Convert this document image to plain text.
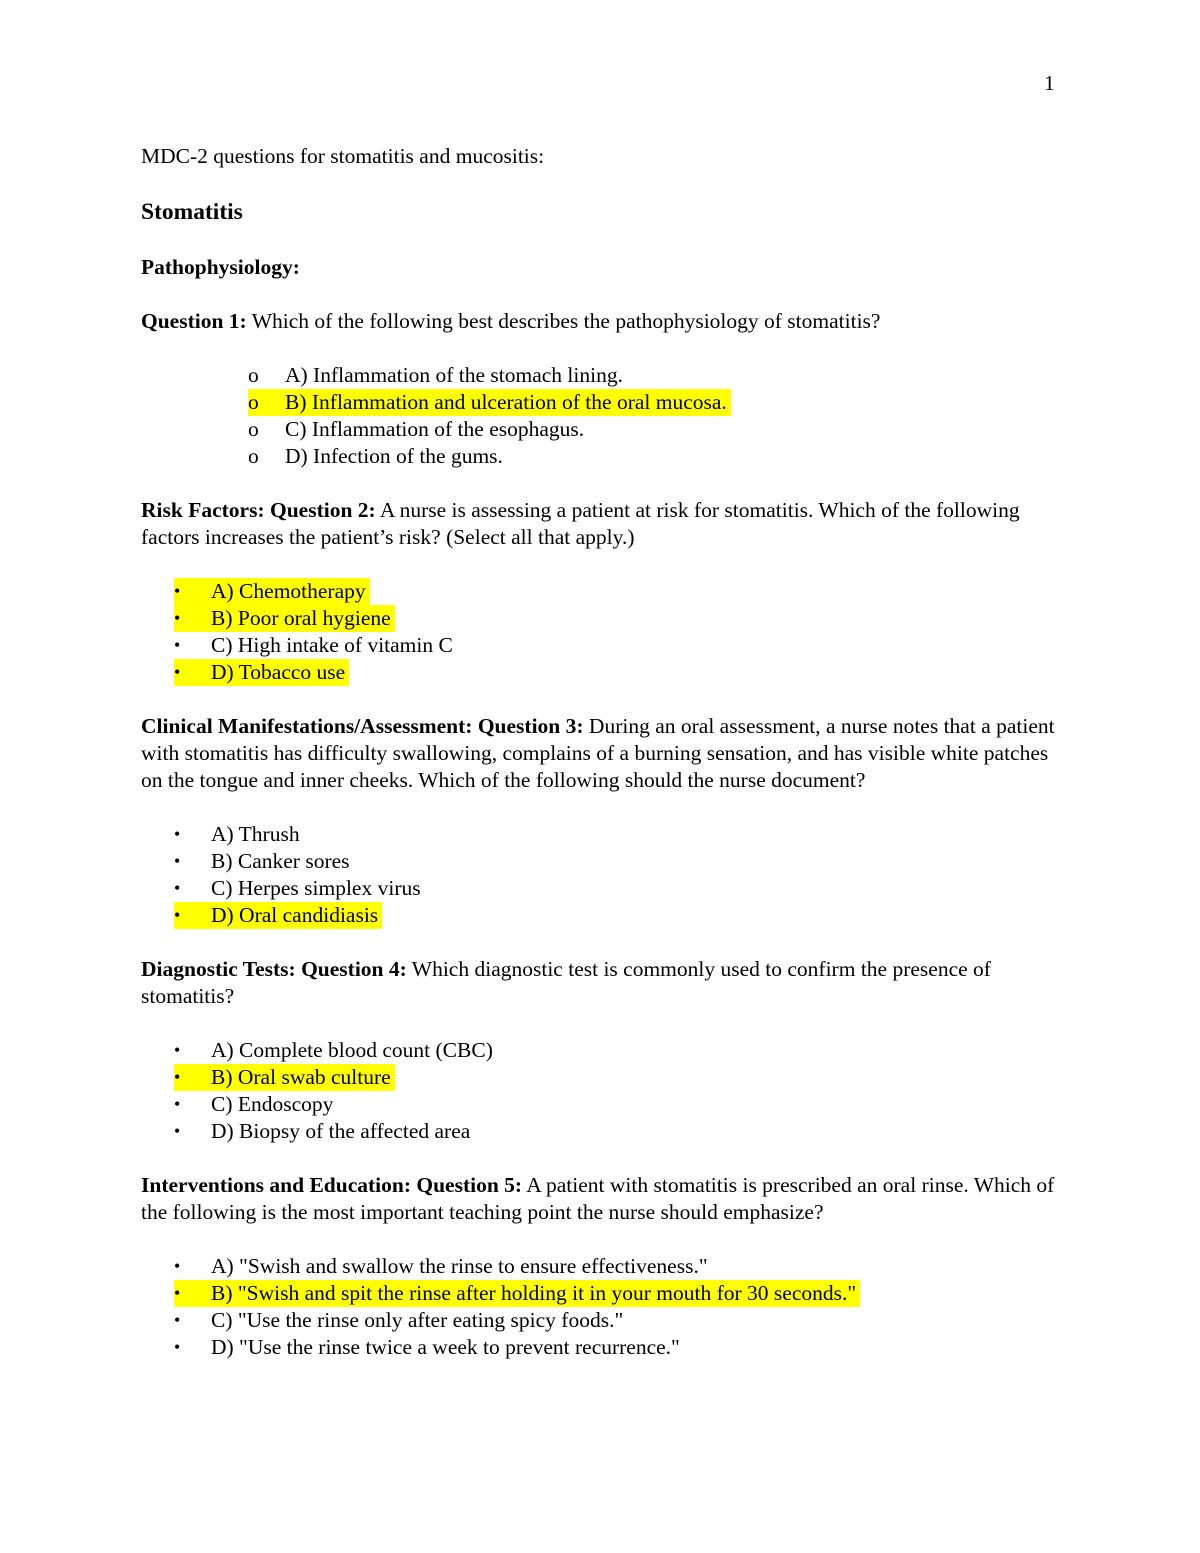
1

MDC-2 questions for stomatitis and mucositis:

Stomatitis

Pathophysiology:

Question 1: Which of the following best describes the pathophysiology of stomatitis?

o	A) Inflammation of the stomach lining.
o	B) Inflammation and ulceration of the oral mucosa.
o	C) Inflammation of the esophagus.
o	D) Infection of the gums.

Risk Factors: Question 2: A nurse is assessing a patient at risk for stomatitis. Which of the following factors increases the patient’s risk? (Select all that apply.)

•	A) Chemotherapy
•	B) Poor oral hygiene
•	C) High intake of vitamin C
•	D) Tobacco use

Clinical Manifestations/Assessment: Question 3: During an oral assessment, a nurse notes that a patient with stomatitis has difficulty swallowing, complains of a burning sensation, and has visible white patches on the tongue and inner cheeks. Which of the following should the nurse document?

•	A) Thrush
•	B) Canker sores
•	C) Herpes simplex virus
•	D) Oral candidiasis

Diagnostic Tests: Question 4: Which diagnostic test is commonly used to confirm the presence of stomatitis?

•	A) Complete blood count (CBC)
•	B) Oral swab culture
•	C) Endoscopy
•	D) Biopsy of the affected area

Interventions and Education: Question 5: A patient with stomatitis is prescribed an oral rinse. Which of the following is the most important teaching point the nurse should emphasize?

•	A) "Swish and swallow the rinse to ensure effectiveness."
•	B) "Swish and spit the rinse after holding it in your mouth for 30 seconds."
•	C) "Use the rinse only after eating spicy foods."
•	D) "Use the rinse twice a week to prevent recurrence."
